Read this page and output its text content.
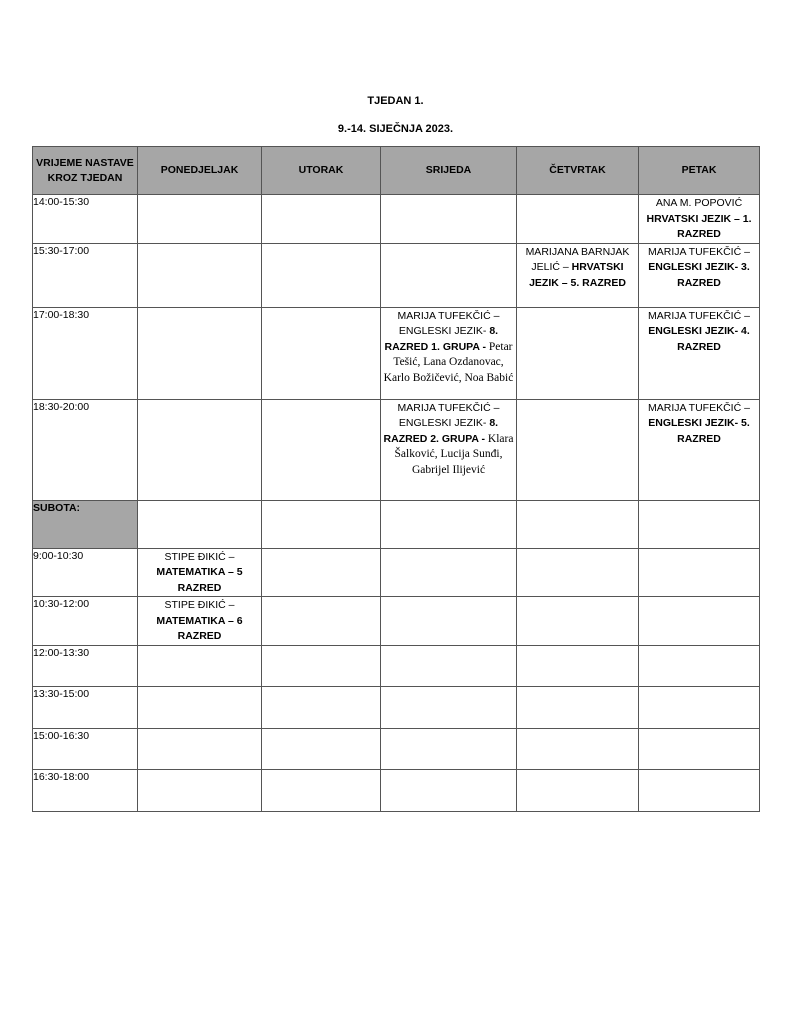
TJEDAN 1.
9.-14. SIJEČNJA 2023.
VRIJEME NASTAVE KROZ TJEDAN	PONEDJELJAK	UTORAK	SRIJEDA	ČETVRTAK	PETAK
14:00-15:30					ANA M. POPOVIĆ HRVATSKI JEZIK – 1. RAZRED

15:30-17:00				MARIJANA BARNJAK JELIĆ – HRVATSKI JEZIK – 5. RAZRED	MARIJA TUFEKČIĆ – ENGLESKI JEZIK- 3. RAZRED

17:00-18:30			MARIJA TUFEKČIĆ – ENGLESKI JEZIK- 8. RAZRED 1. GRUPA - Petar Tešić, Lana Ozdanovac, Karlo Božičević, Noa Babić		MARIJA TUFEKČIĆ – ENGLESKI JEZIK- 4. RAZRED

18:30-20:00			MARIJA TUFEKČIĆ – ENGLESKI JEZIK- 8. RAZRED 2. GRUPA - Klara Šalković, Lucija Sunđi, Gabrijel Ilijević		MARIJA TUFEKČIĆ – ENGLESKI JEZIK- 5. RAZRED

SUBOTA:					
9:00-10:30	STIPE ĐIKIĆ – MATEMATIKA – 5 RAZRED				

10:30-12:00	STIPE ĐIKIĆ – MATEMATIKA – 6 RAZRED				

12:00-13:30					
13:30-15:00					
15:00-16:30					
16:30-18:00					
